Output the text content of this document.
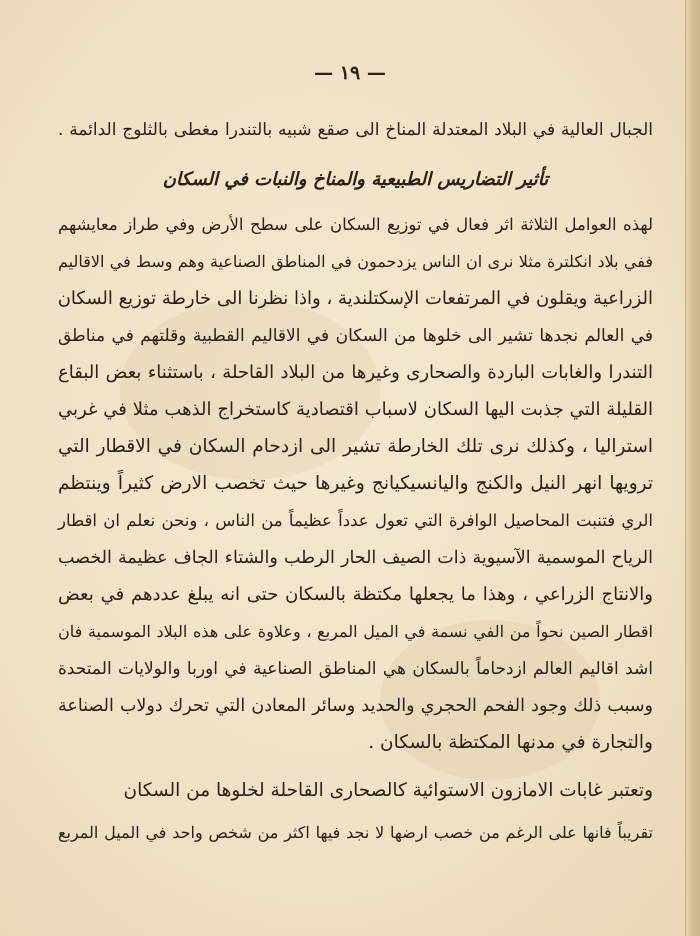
— ١٩ —
الجبال العالية في البلاد المعتدلة المناخ الى صقع شبيه بالتندرا مغطى بالثلوج الدائمة .
تأثير التضاريس الطبيعية والمناخ والنبات في السكان
لهذه العوامل الثلاثة اثر فعال في توزيع السكان على سطح الأرض وفي طراز معايشهم
ففي بلاد انكلترة مثلا نرى ان الناس يزدحمون في المناطق الصناعية وهم وسط في الاقاليم
الزراعية ويقلون في المرتفعات الإسكتلندية ، واذا نظرنا الى خارطة توزيع السكان
في العالم نجدها تشير الى خلوها من السكان في الاقاليم القطبية وقلتهم في مناطق
التندرا والغابات الباردة والصحارى وغيرها من البلاد القاحلة ، باستثناء بعض البقاع
القليلة التي جذبت اليها السكان لاسباب اقتصادية كاستخراج الذهب مثلا في غربي
استراليا ، وكذلك نرى تلك الخارطة تشير الى ازدحام السكان في الاقطار التي
ترويها انهر النيل والكنج واليانسيكيانج وغيرها حيث تخصب الارض كثيراً وينتظم
الري فتنبت المحاصيل الوافرة التي تعول عدداً عظيماً من الناس ، ونحن نعلم ان اقطار
الرياح الموسمية الآسيوية ذات الصيف الحار الرطب والشتاء الجاف عظيمة الخصب
والانتاج الزراعي ، وهذا ما يجعلها مكتظة بالسكان حتى انه يبلغ عددهم في بعض
اقطار الصين نحواً من الفي نسمة في الميل المربع ، وعلاوة على هذه البلاد الموسمية فان
اشد اقاليم العالم ازدحاماً بالسكان هي المناطق الصناعية في اوربا والولايات المتحدة
وسبب ذلك وجود الفحم الحجري والحديد وسائر المعادن التي تحرك دولاب الصناعة
والتجارة في مدنها المكتظة بالسكان .
وتعتبر غابات الامازون الاستوائية كالصحارى القاحلة لخلوها من السكان
تقريباً فانها على الرغم من خصب ارضها لا نجد فيها اكثر من شخص واحد في الميل المربع
